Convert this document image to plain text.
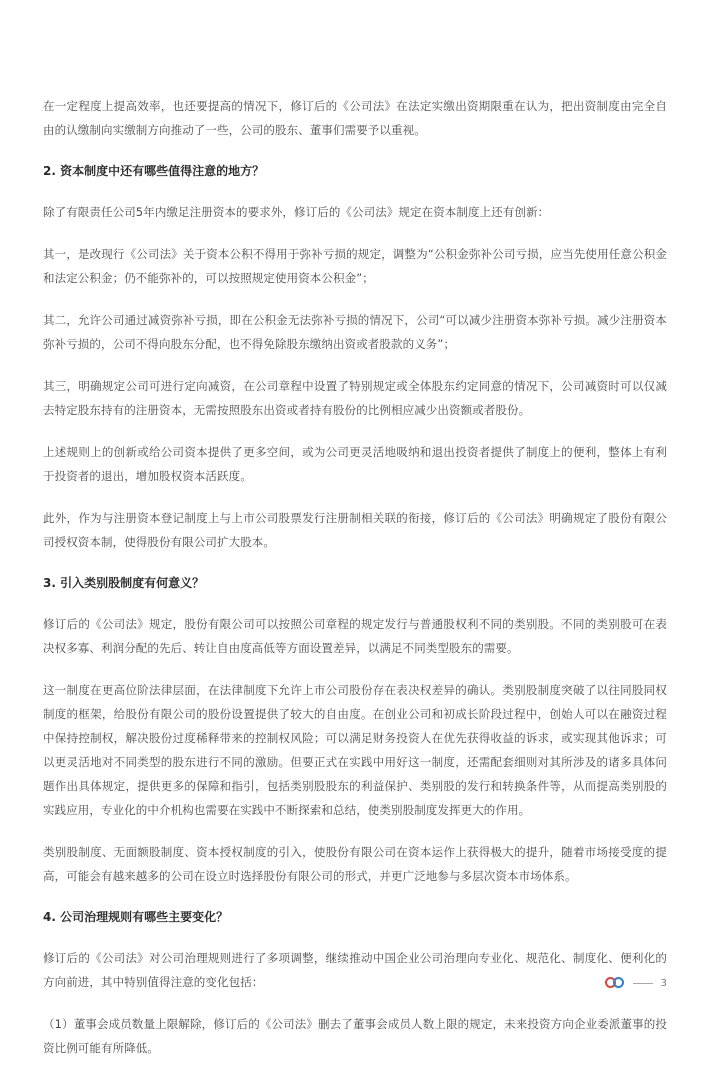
在一定程度上提高效率，也还要提高的情况下，修订后的《公司法》在法定实缴出资期限重在认为，把出资制度由完全自由的认缴制向实缴制方向推动了一些，公司的股东、董事们需要予以重视。

2. 资本制度中还有哪些值得注意的地方？

除了有限责任公司5年内缴足注册资本的要求外，修订后的《公司法》规定在资本制度上还有创新：

其一，是改现行《公司法》关于资本公积不得用于弥补亏损的规定，调整为“公积金弥补公司亏损，应当先使用任意公积金和法定公积金；仍不能弥补的，可以按照规定使用资本公积金”；

其二，允许公司通过减资弥补亏损，即在公积金无法弥补亏损的情况下，公司“可以减少注册资本弥补亏损。减少注册资本弥补亏损的，公司不得向股东分配，也不得免除股东缴纳出资或者股款的义务”；

其三，明确规定公司可进行定向减资，在公司章程中设置了特别规定或全体股东约定同意的情况下，公司减资时可以仅减去特定股东持有的注册资本，无需按照股东出资或者持有股份的比例相应减少出资额或者股份。

上述规则上的创新或给公司资本提供了更多空间，或为公司更灵活地吸纳和退出投资者提供了制度上的便利，整体上有利于投资者的退出，增加股权资本活跃度。

此外，作为与注册资本登记制度上与上市公司股票发行注册制相关联的衔接，修订后的《公司法》明确规定了股份有限公司授权资本制，使得股份有限公司扩大股本。

3. 引入类别股制度有何意义？

修订后的《公司法》规定，股份有限公司可以按照公司章程的规定发行与普通股权利不同的类别股。不同的类别股可在表决权多寡、利润分配的先后、转让自由度高低等方面设置差异，以满足不同类型股东的需要。

这一制度在更高位阶法律层面，在法律制度下允许上市公司股份存在表决权差异的确认。类别股制度突破了以往同股同权制度的框架，给股份有限公司的股份设置提供了较大的自由度。在创业公司和初成长阶段过程中，创始人可以在融资过程中保持控制权，解决股份过度稀释带来的控制权风险；可以满足财务投资人在优先获得收益的诉求，或实现其他诉求；可以更灵活地对不同类型的股东进行不同的激励。但要正式在实践中用好这一制度，还需配套细则对其所涉及的诸多具体问题作出具体规定，提供更多的保障和指引，包括类别股股东的利益保护、类别股的发行和转换条件等，从而提高类别股的实践应用，专业化的中介机构也需要在实践中不断探索和总结，使类别股制度发挥更大的作用。

类别股制度、无面额股制度、资本授权制度的引入，使股份有限公司在资本运作上获得极大的提升，随着市场接受度的提高，可能会有越来越多的公司在设立时选择股份有限公司的形式，并更广泛地参与多层次资本市场体系。

4. 公司治理规则有哪些主要变化？

修订后的《公司法》对公司治理规则进行了多项调整，继续推动中国企业公司治理向专业化、规范化、制度化、便利化的方向前进，其中特别值得注意的变化包括：

（1）董事会成员数量上限解除，修订后的《公司法》删去了董事会成员人数上限的规定，未来投资方向企业委派董事的投资比例可能有所降低。

3
